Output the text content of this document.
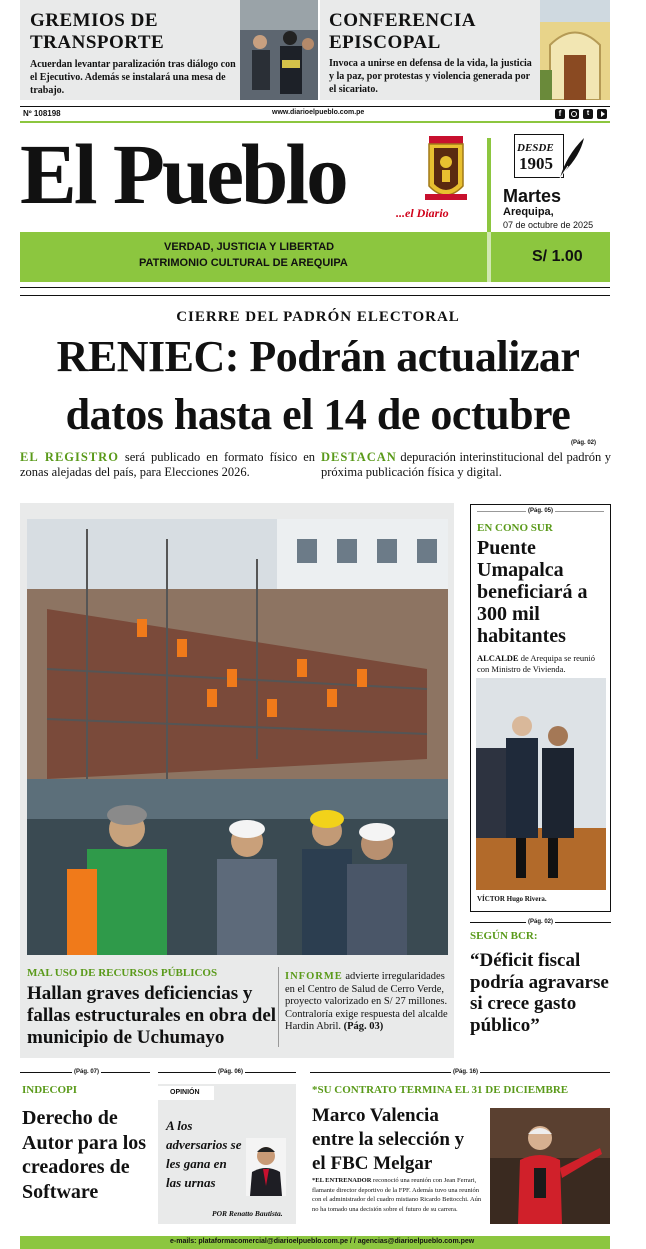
GREMIOS DE TRANSPORTE
Acuerdan levantar paralización tras diálogo con el Ejecutivo. Además se instalará una mesa de trabajo.
CONFERENCIA EPISCOPAL
Invoca a unirse en defensa de la vida, la justicia y la paz, por protestas y violencia generada por el sicariato.
Nº 108198	www.diarioelpueblo.com.pe	f	t
El Pueblo	...el Diario
DESDE
1905
Martes
Arequipa,
07 de octubre de 2025
VERDAD, JUSTICIA Y LIBERTAD
PATRIMONIO CULTURAL DE AREQUIPA	S/ 1.00
CIERRE DEL PADRÓN ELECTORAL
RENIEC: Podrán actualizar
datos hasta el 14 de octubre
(Pág. 02)
EL REGISTRO será publicado en formato físico en zonas alejadas del país, para Elecciones 2026.
DESTACAN depuración interinstitucional del padrón y próxima publicación física y digital.
MAL USO DE RECURSOS PÚBLICOS
Hallan graves deficiencias y fallas estructurales en obra del municipio de Uchumayo
INFORME advierte irregularidades en el Centro de Salud de Cerro Verde, proyecto valorizado en S/ 27 millones. Contraloría exige respuesta del alcalde Hardin Abril. (Pág. 03)
(Pág. 05)
EN CONO SUR
Puente Umapalca beneficiará a 300 mil habitantes
ALCALDE de Arequipa se reunió con Ministro de Vivienda.
VÍCTOR Hugo Rivera.
(Pág. 02)
SEGÚN BCR:
“Déficit fiscal podría agravarse si crece gasto público”
(Pág. 07)	(Pág. 06)	(Pág. 16)
INDECOPI
Derecho de Autor para los creadores de Software
OPINIÓN
A los adversarios se les gana en las urnas
POR Renatto Bautista.
*SU CONTRATO TERMINA EL 31 DE DICIEMBRE
Marco Valencia entre la selección y el FBC Melgar
*EL ENTRENADOR reconoció una reunión con Jean Ferrari, flamante director deportivo de la FPF. Además tuvo una reunión con el administrador del cuadro mistiano Ricardo Bettocchi. Aún no ha tomado una decisión sobre el futuro de su carrera.
e-mails: plataformacomercial@diarioelpueblo.com.pe / / agencias@diarioelpueblo.com.pew
